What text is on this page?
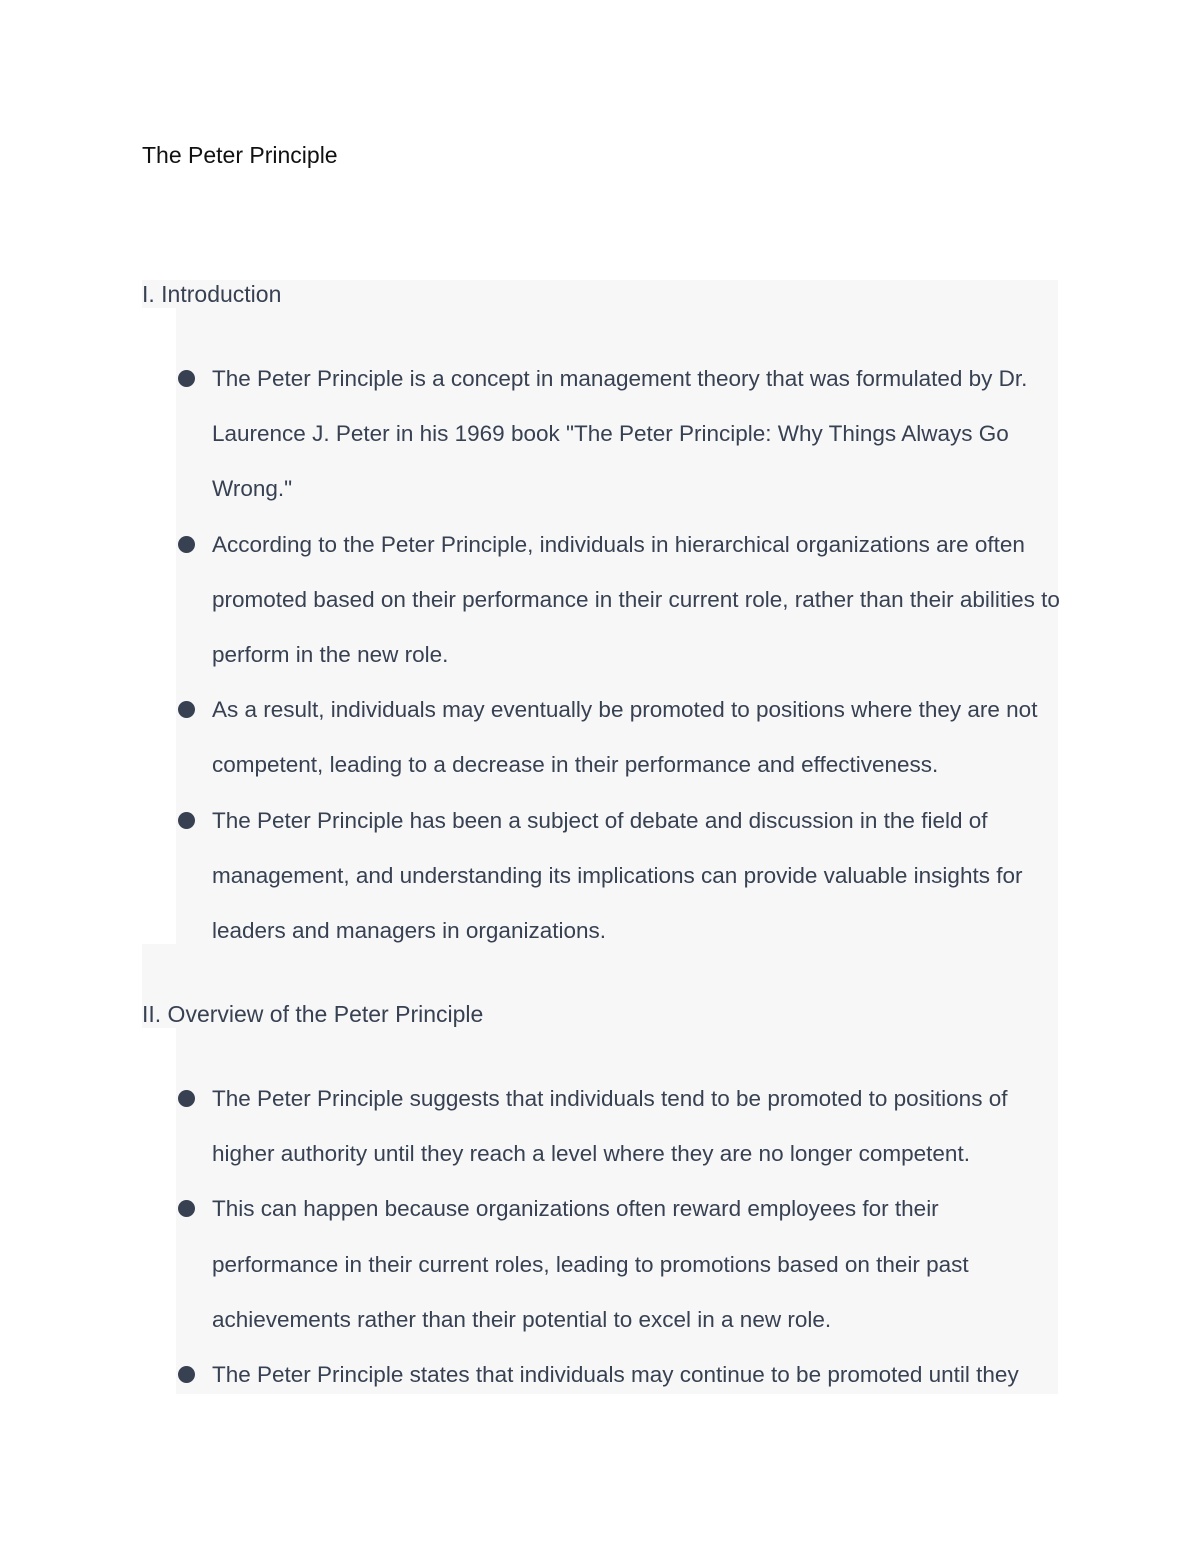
The Peter Principle
I. Introduction
The Peter Principle is a concept in management theory that was formulated by Dr. Laurence J. Peter in his 1969 book "The Peter Principle: Why Things Always Go Wrong."
According to the Peter Principle, individuals in hierarchical organizations are often promoted based on their performance in their current role, rather than their abilities to perform in the new role.
As a result, individuals may eventually be promoted to positions where they are not competent, leading to a decrease in their performance and effectiveness.
The Peter Principle has been a subject of debate and discussion in the field of management, and understanding its implications can provide valuable insights for leaders and managers in organizations.
II. Overview of the Peter Principle
The Peter Principle suggests that individuals tend to be promoted to positions of higher authority until they reach a level where they are no longer competent.
This can happen because organizations often reward employees for their performance in their current roles, leading to promotions based on their past achievements rather than their potential to excel in a new role.
The Peter Principle states that individuals may continue to be promoted until they
